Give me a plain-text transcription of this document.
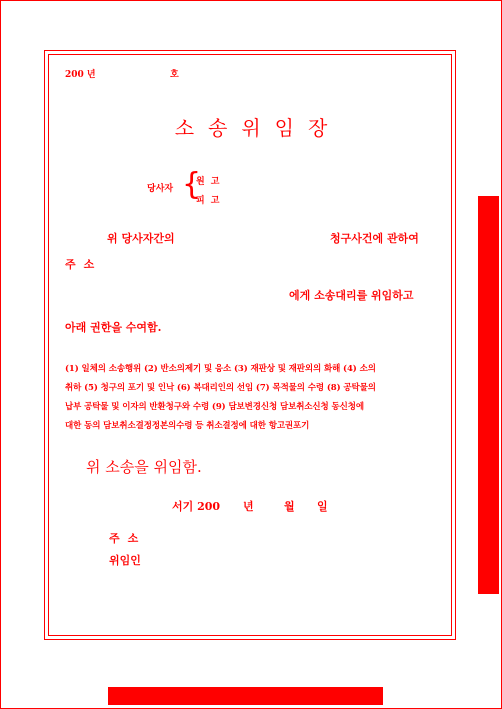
200 년	호
소송위임장
당사자 {
원고
피고
위 당사자간의	청구사건에 관하여
주소
에게 소송대리를 위임하고
아래 권한을 수여함.
(1) 일체의 소송행위 (2) 반소의제기 및 응소 (3) 재판상 및 재판외의 화해 (4) 소의
취하 (5) 청구의 포기 및 인낙 (6) 복대리인의 선임 (7) 목적물의 수령 (8) 공탁물의
납부 공탁물 및 이자의 반환청구와 수령 (9) 담보변경신청 담보취소신청 동신청에
대한 동의 담보취소결정정본의수령 등 취소결정에 대한 항고권포기
위 소송을 위임함.
서기 200 년	월 일
주소
위임인
